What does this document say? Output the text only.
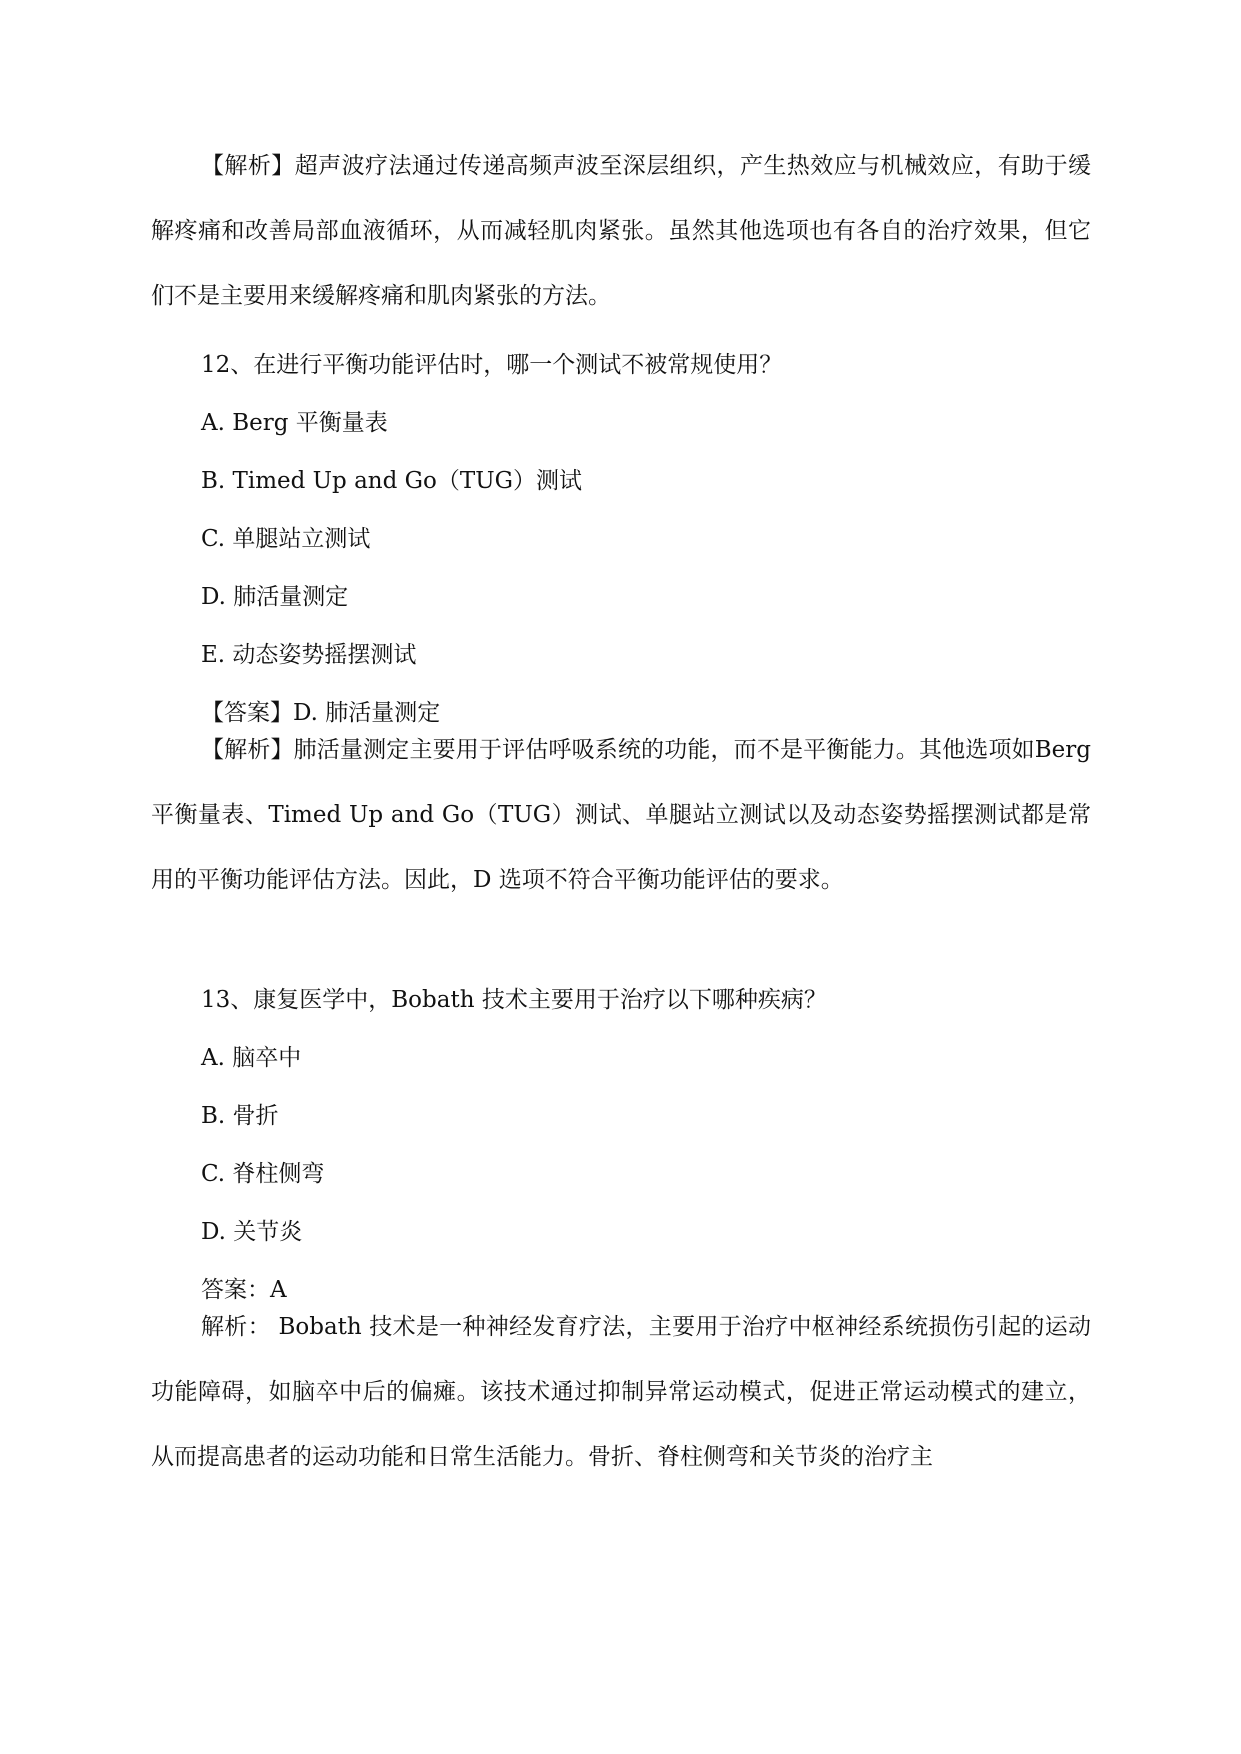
【解析】超声波疗法通过传递高频声波至深层组织，产生热效应与机械效应，有助于缓解疼痛和改善局部血液循环，从而减轻肌肉紧张。虽然其他选项也有各自的治疗效果，但它们不是主要用来缓解疼痛和肌肉紧张的方法。

12、在进行平衡功能评估时，哪一个测试不被常规使用？

A. Berg 平衡量表

B. Timed Up and Go（TUG）测试

C. 单腿站立测试

D. 肺活量测定

E. 动态姿势摇摆测试

【答案】D. 肺活量测定

【解析】肺活量测定主要用于评估呼吸系统的功能，而不是平衡能力。其他选项如Berg 平衡量表、Timed Up and Go（TUG）测试、单腿站立测试以及动态姿势摇摆测试都是常用的平衡功能评估方法。因此，D 选项不符合平衡功能评估的要求。

13、康复医学中，Bobath 技术主要用于治疗以下哪种疾病？

A. 脑卒中

B. 骨折

C. 脊柱侧弯

D. 关节炎

答案：A

解析： Bobath 技术是一种神经发育疗法，主要用于治疗中枢神经系统损伤引起的运动功能障碍，如脑卒中后的偏瘫。该技术通过抑制异常运动模式，促进正常运动模式的建立，从而提高患者的运动功能和日常生活能力。骨折、脊柱侧弯和关节炎的治疗主
